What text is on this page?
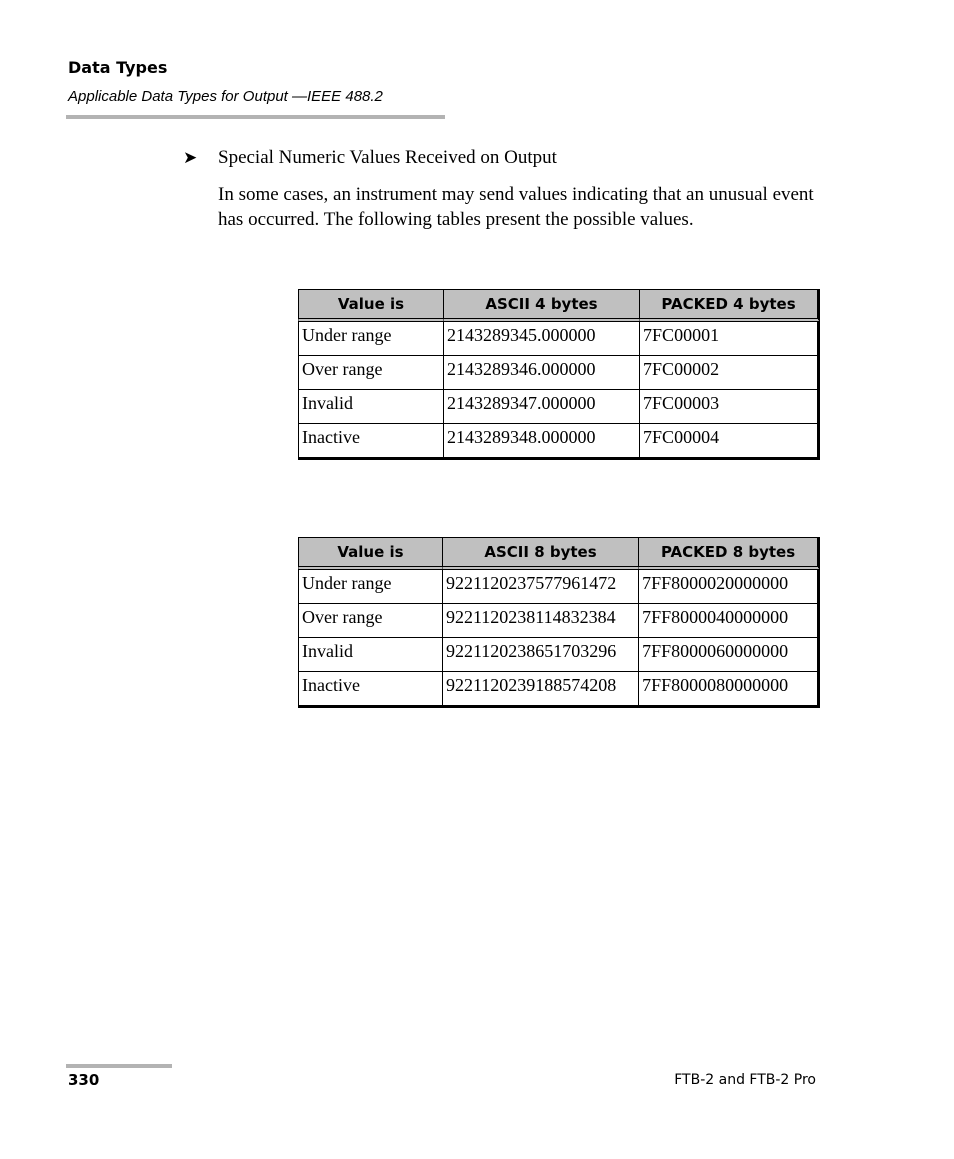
Data Types
Applicable Data Types for Output —IEEE 488.2
➤ Special Numeric Values Received on Output
In some cases, an instrument may send values indicating that an unusual event has occurred. The following tables present the possible values.
Value is	ASCII 4 bytes	PACKED 4 bytes
Under range	2143289345.000000	7FC00001
Over range	2143289346.000000	7FC00002
Invalid	2143289347.000000	7FC00003
Inactive	2143289348.000000	7FC00004
Value is	ASCII 8 bytes	PACKED 8 bytes
Under range	9221120237577961472	7FF8000020000000
Over range	9221120238114832384	7FF8000040000000
Invalid	9221120238651703296	7FF8000060000000
Inactive	9221120239188574208	7FF8000080000000
330	FTB-2 and FTB-2 Pro
